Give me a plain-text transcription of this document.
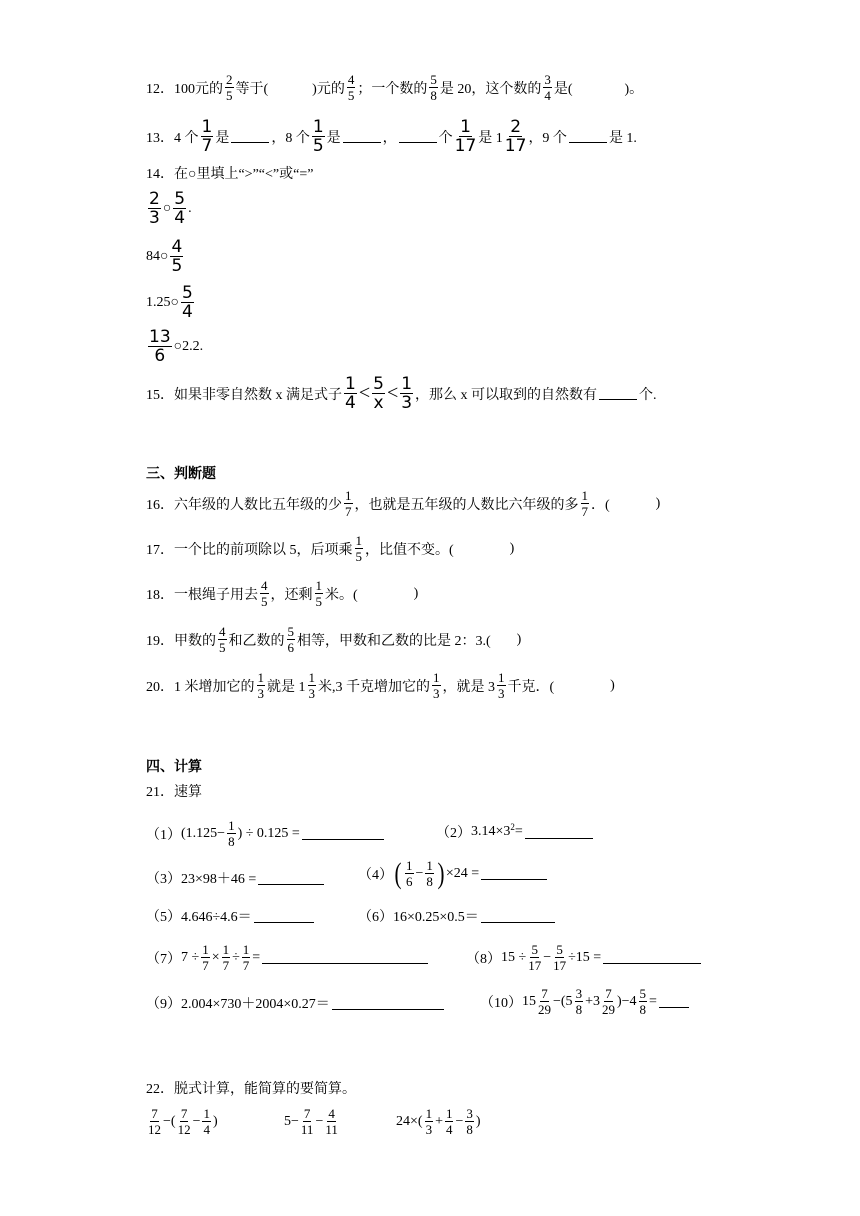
12． 100元的 $\frac{2}{5}$ 等于(	)元的 $\frac{4}{5}$ ；一个数的 $\frac{5}{8}$ 是 20，这个数的 $\frac{3}{4}$ 是(	)。
13． 4 个 $\frac{1}{7}$ 是	，8 个 $\frac{1}{5}$ 是	，	个 $\frac{1}{17}$ 是 $1 \frac{2}{17}$ ，9 个	是 1.
14． 在○里填上“>”“<”或“=”
$\frac{2}{3}$ ○ $\frac{5}{4}$ .
84○ $\frac{4}{5}$
1.25○ $\frac{5}{4}$
$\frac{13}{6}$ ○2.2.
15． 如果非零自然数 x 满足式子 $\frac{1}{4} < \frac{5}{x} < \frac{1}{3}$ ，那么 x 可以取到的自然数有	个.
三、判断题
16． 六年级的人数比五年级的少 $\frac{1}{7}$ ，也就是五年级的人数比六年级的多 $\frac{1}{7}$ ．(	)
17． 一个比的前项除以 5，后项乘 $\frac{1}{5}$ ，比值不变。(	)
18． 一根绳子用去 $\frac{4}{5}$ ，还剩 $\frac{1}{5}$ 米。(	)
19． 甲数的 $\frac{4}{5}$ 和乙数的 $\frac{5}{6}$ 相等，甲数和乙数的比是 2：3.( )
20． 1 米增加它的 $\frac{1}{3}$ 就是 $1 \frac{1}{3}$ 米,3 千克增加它的 $\frac{1}{3}$ ，就是 $3 \frac{1}{3}$ 千克．(	)
四、计算
21． 速算
（1） ($1.125- \frac{1}{8}$ ) ÷ 0.125 =	（2） 3.14×3 2 =
（3） 23×98＋46 =	（4） ( $\frac{1}{6} - \frac{1}{8}$ ) ×24 =
（5） 4.646÷4.6＝	（6） 16×0.25×0.5＝
（7） $7 \div \frac{1}{7} \times \frac{1}{7} \div \frac{1}{7}$ =	（8） $15 \div \frac{5}{17} - \frac{5}{17} \div 15$ =
（9） 2.004×730＋2004×0.27＝	（10） $15 \frac{7}{29} -(5 \frac{3}{8} +3 \frac{7}{29} )-4 \frac{5}{8}$ =
22． 脱式计算，能简算的要简算。
$\frac{7}{12}$ −( $\frac{7}{12} - \frac{1}{4}$ )	$5- \frac{7}{11} - \frac{4}{11}$	$24\times( \frac{1}{3} + \frac{1}{4} - \frac{3}{8}$ )
